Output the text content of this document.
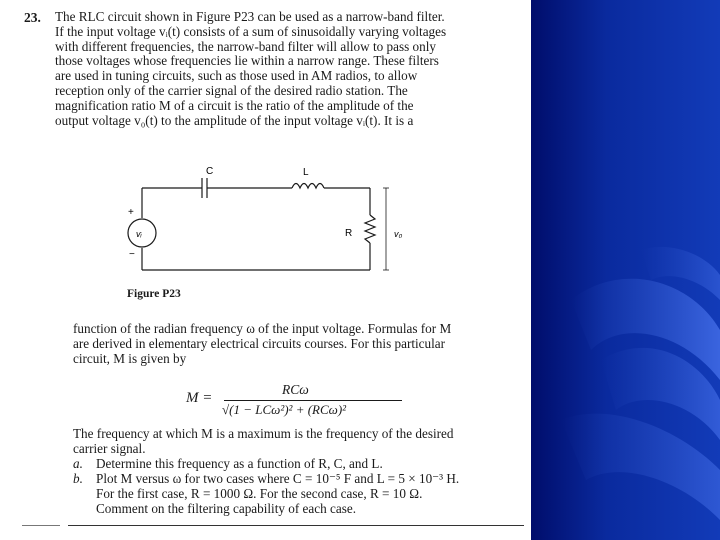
23. The RLC circuit shown in Figure P23 can be used as a narrow-band filter.
If the input voltage vᵢ(t) consists of a sum of sinusoidally varying voltages
with different frequencies, the narrow-band filter will allow to pass only
those voltages whose frequencies lie within a narrow range. These filters
are used in tuning circuits, such as those used in AM radios, to allow
reception only of the carrier signal of the desired radio station. The
magnification ratio M of a circuit is the ratio of the amplitude of the
output voltage v₀(t) to the amplitude of the input voltage vᵢ(t). It is a
C	L
R
vᵢ	v₀
+
−
Figure P23
function of the radian frequency ω of the input voltage. Formulas for M
are derived in elementary electrical circuits courses. For this particular
circuit, M is given by
M =
RCω
√(1 − LCω²)² + (RCω)²
The frequency at which M is a maximum is the frequency of the desired
carrier signal.
a. Determine this frequency as a function of R, C, and L.
b. Plot M versus ω for two cases where C = 10⁻⁵ F and L = 5 × 10⁻³ H.
For the first case, R = 1000 Ω. For the second case, R = 10 Ω.
Comment on the filtering capability of each case.
